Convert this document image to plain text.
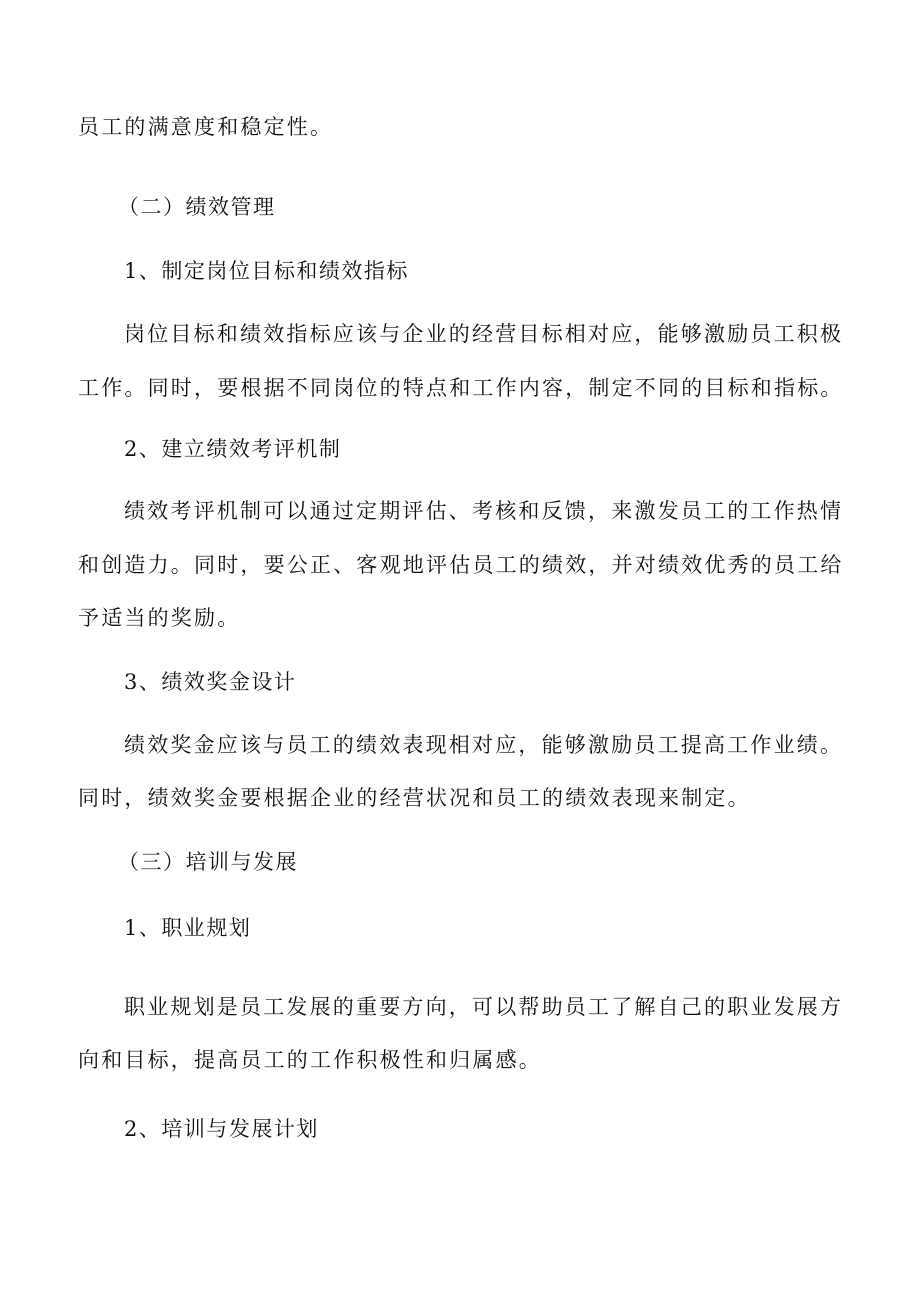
员工的满意度和稳定性。
（二）绩效管理
1、制定岗位目标和绩效指标
岗位目标和绩效指标应该与企业的经营目标相对应，能够激励员工积极
工作。同时，要根据不同岗位的特点和工作内容，制定不同的目标和指标。
2、建立绩效考评机制
绩效考评机制可以通过定期评估、考核和反馈，来激发员工的工作热情
和创造力。同时，要公正、客观地评估员工的绩效，并对绩效优秀的员工给
予适当的奖励。
3、绩效奖金设计
绩效奖金应该与员工的绩效表现相对应，能够激励员工提高工作业绩。
同时，绩效奖金要根据企业的经营状况和员工的绩效表现来制定。
（三）培训与发展
1、职业规划
职业规划是员工发展的重要方向，可以帮助员工了解自己的职业发展方
向和目标，提高员工的工作积极性和归属感。
2、培训与发展计划
